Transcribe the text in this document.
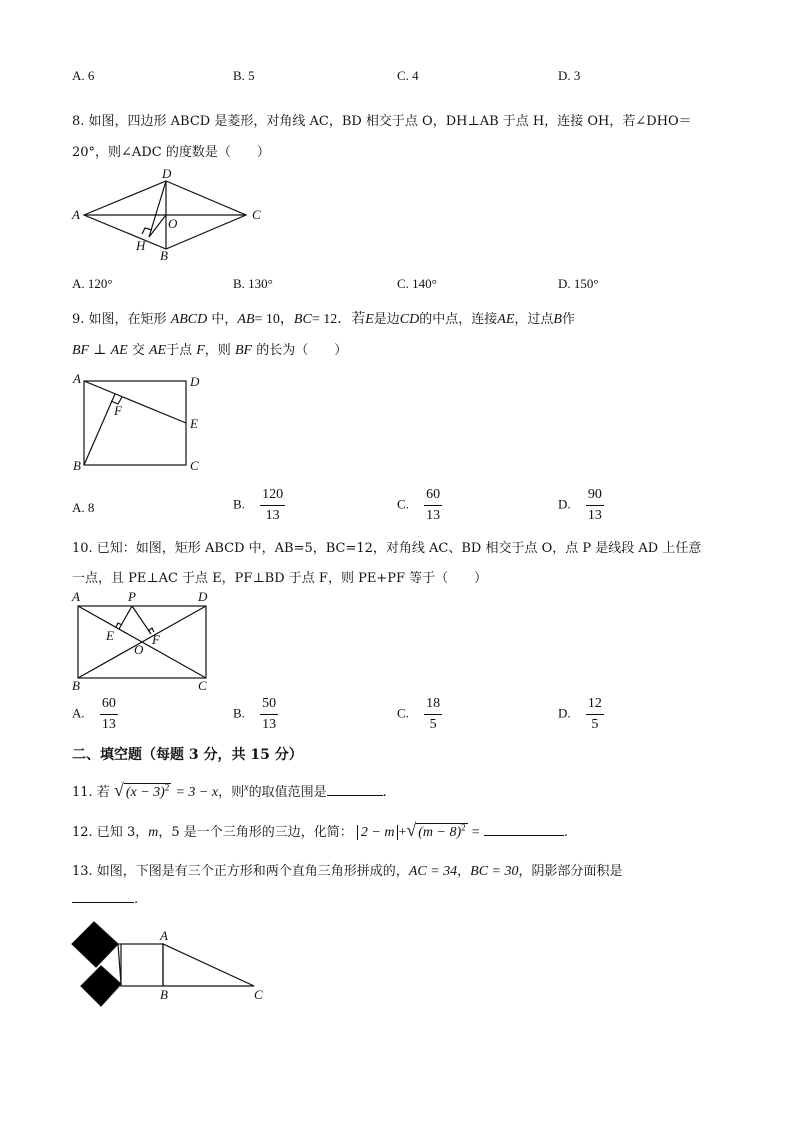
A. 6	B. 5	C. 4	D. 3
8. 如图，四边形 ABCD 是菱形，对角线 AC，BD 相交于点 O，DH⊥AB 于点 H，连接 OH，若∠DHO＝
20°，则∠ADC 的度数是（　　）
A
D
C
O
H
B
A. 120°	B. 130°	C. 140°	D. 150°
9. 如图，在矩形 ABCD 中，AB= 10，BC= 12．若E是边CD的中点，连接AE，过点B作
BF ⊥ AE 交 AE于点 F，则 BF 的长为（　　）
A	D
E
F
B	C
A. 8	B. $\frac{120}{13}$	C. $\frac{60}{13}$	D. $\frac{90}{13}$
10. 已知：如图，矩形 ABCD 中，AB=5，BC=12，对角线 AC、BD 相交于点 O，点 P 是线段 AD 上任意
一点，且 PE⊥AC 于点 E，PF⊥BD 于点 F，则 PE+PF 等于（　　）
A	P	D
E	F
O
B	C
A. $\frac{60}{13}$	B. $\frac{50}{13}$	C. $\frac{18}{5}$	D. $\frac{12}{5}$
二、填空题（每题 3 分，共 15 分）
11. 若 √ $(x - 3)^2 = 3 - x$，则$^x$的取值范围是	.
12. 已知 3，m，5 是一个三角形的三边，化简： 2 − m +√ $(m - 8)^2$ =	.
13. 如图，下图是有三个正方形和两个直角三角形拼成的，AC = 34，BC = 30，阴影部分面积是
.
A
B	C
